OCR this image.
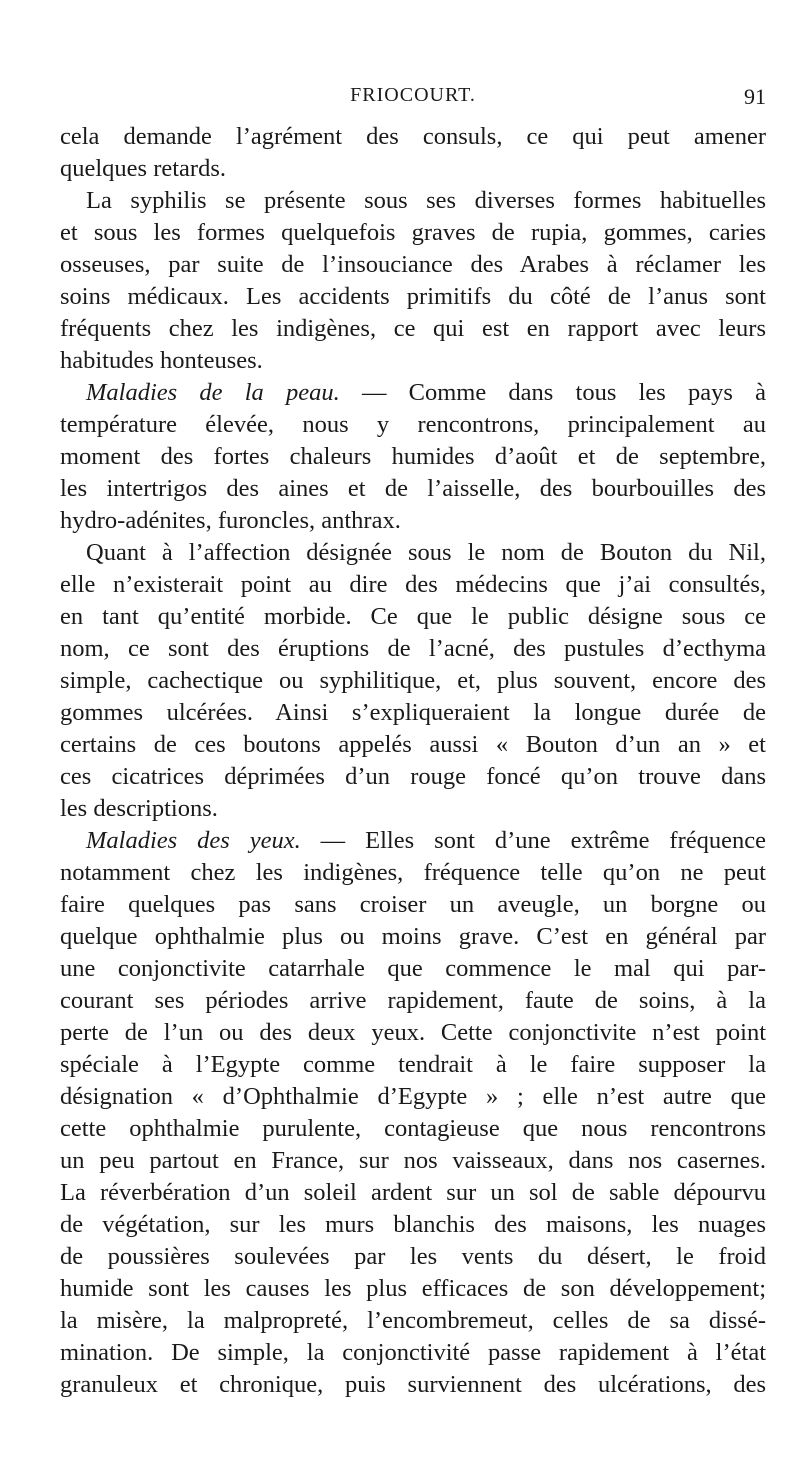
FRIOCOURT.	91
cela demande l’agrément des consuls, ce qui peut amener
quelques retards.
La syphilis se présente sous ses diverses formes habituelles
et sous les formes quelquefois graves de rupia, gommes, caries
osseuses, par suite de l’insouciance des Arabes à réclamer les
soins médicaux. Les accidents primitifs du côté de l’anus sont
fréquents chez les indigènes, ce qui est en rapport avec leurs
habitudes honteuses.
Maladies de la peau. — Comme dans tous les pays à
température élevée, nous y rencontrons, principalement au
moment des fortes chaleurs humides d’août et de septembre,
les intertrigos des aines et de l’aisselle, des bourbouilles des
hydro-adénites, furoncles, anthrax.
Quant à l’affection désignée sous le nom de Bouton du Nil,
elle n’existerait point au dire des médecins que j’ai consultés,
en tant qu’entité morbide. Ce que le public désigne sous ce
nom, ce sont des éruptions de l’acné, des pustules d’ecthyma
simple, cachectique ou syphilitique, et, plus souvent, encore des
gommes ulcérées. Ainsi s’expliqueraient la longue durée de
certains de ces boutons appelés aussi « Bouton d’un an » et
ces cicatrices déprimées d’un rouge foncé qu’on trouve dans
les descriptions.
Maladies des yeux. — Elles sont d’une extrême fréquence
notamment chez les indigènes, fréquence telle qu’on ne peut
faire quelques pas sans croiser un aveugle, un borgne ou
quelque ophthalmie plus ou moins grave. C’est en général par
une conjonctivite catarrhale que commence le mal qui par-
courant ses périodes arrive rapidement, faute de soins, à la
perte de l’un ou des deux yeux. Cette conjonctivite n’est point
spéciale à l’Egypte comme tendrait à le faire supposer la
désignation « d’Ophthalmie d’Egypte » ; elle n’est autre que
cette ophthalmie purulente, contagieuse que nous rencontrons
un peu partout en France, sur nos vaisseaux, dans nos casernes.
La réverbération d’un soleil ardent sur un sol de sable dépourvu
de végétation, sur les murs blanchis des maisons, les nuages
de poussières soulevées par les vents du désert, le froid
humide sont les causes les plus efficaces de son développement;
la misère, la malpropreté, l’encombremeut, celles de sa dissé-
mination. De simple, la conjonctivité passe rapidement à l’état
granuleux et chronique, puis surviennent des ulcérations, des
